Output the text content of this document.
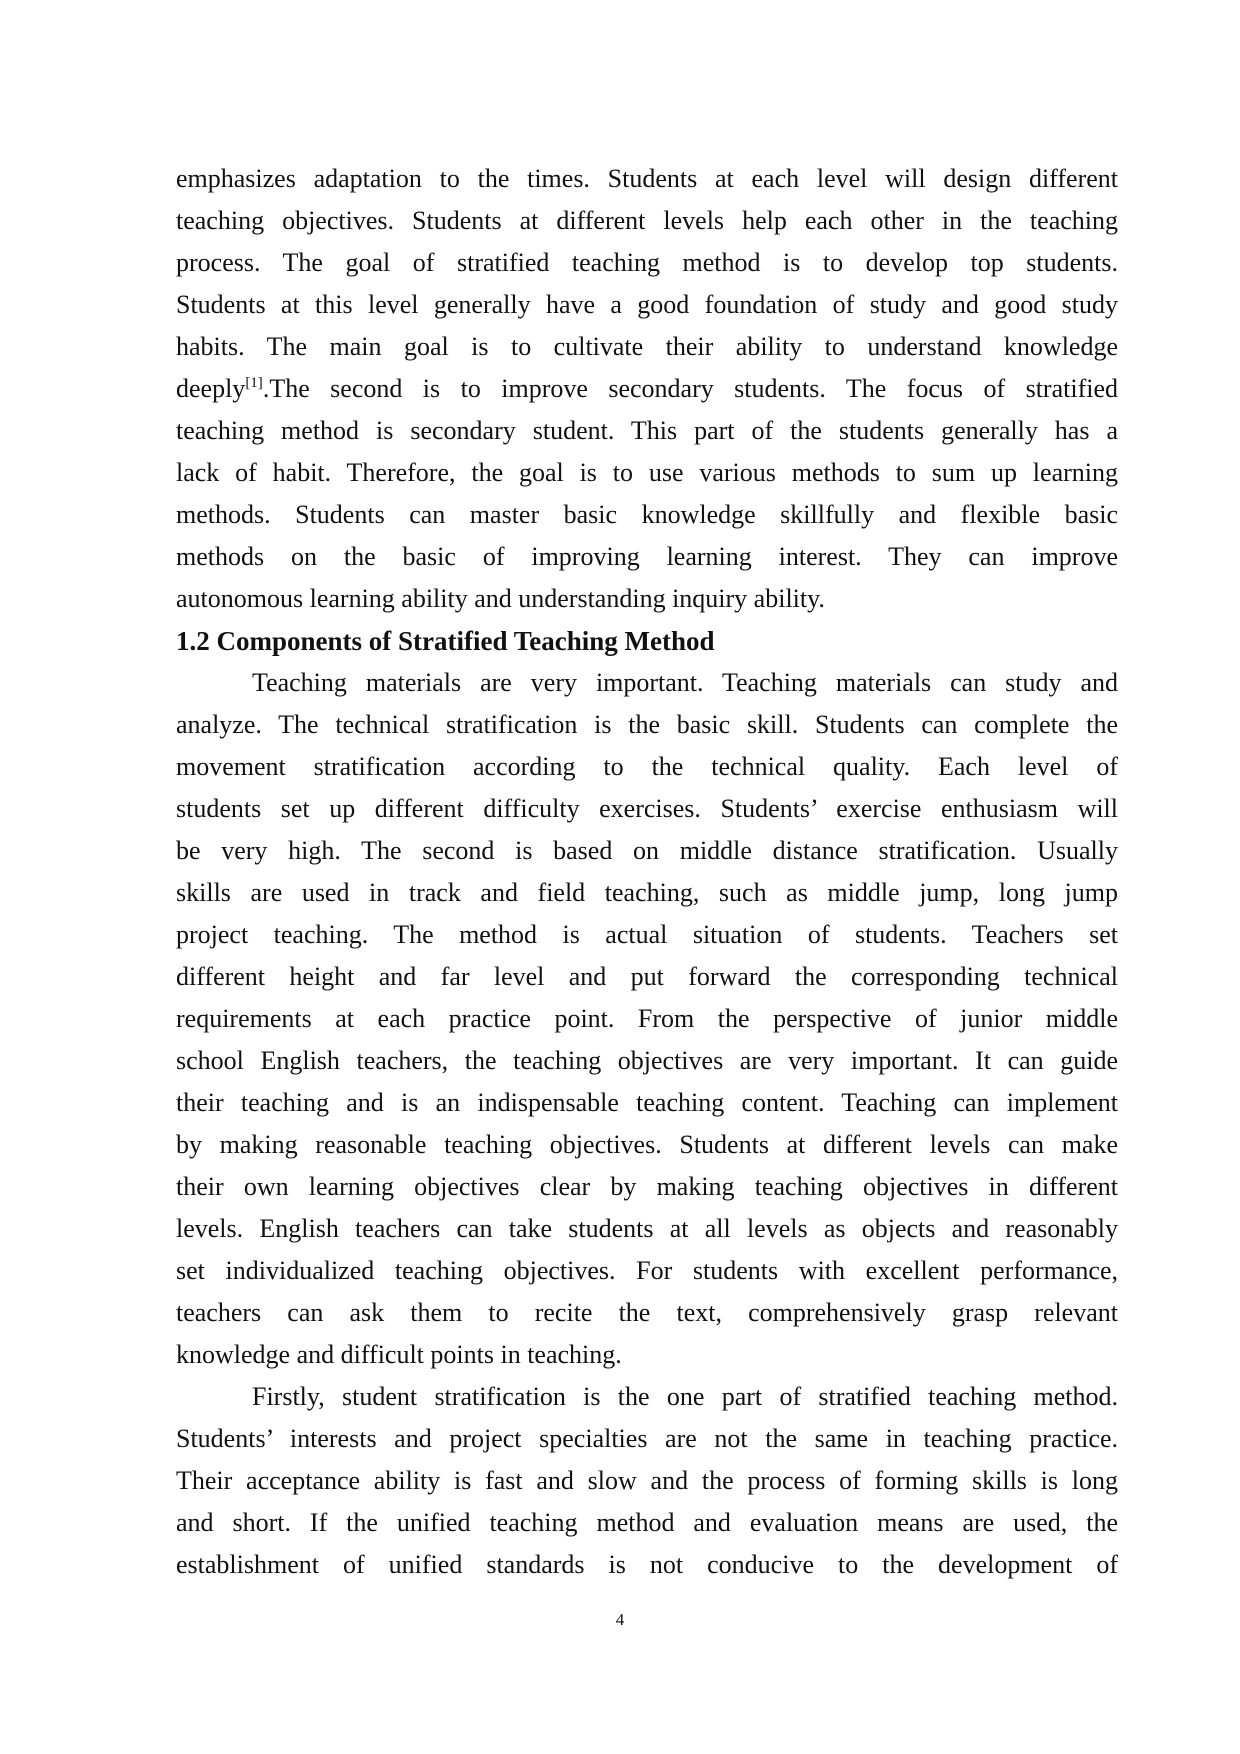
emphasizes adaptation to the times. Students at each level will design different
teaching objectives. Students at different levels help each other in the teaching
process. The goal of stratified teaching method is to develop top students.
Students at this level generally have a good foundation of study and good study
habits. The main goal is to cultivate their ability to understand knowledge
deeply[1].The second is to improve secondary students. The focus of stratified
teaching method is secondary student. This part of the students generally has a
lack of habit. Therefore, the goal is to use various methods to sum up learning
methods. Students can master basic knowledge skillfully and flexible basic
methods on the basic of improving learning interest. They can improve
autonomous learning ability and understanding inquiry ability.
1.2 Components of Stratified Teaching Method
Teaching materials are very important. Teaching materials can study and
analyze. The technical stratification is the basic skill. Students can complete the
movement stratification according to the technical quality. Each level of
students set up different difficulty exercises. Students’ exercise enthusiasm will
be very high. The second is based on middle distance stratification. Usually
skills are used in track and field teaching, such as middle jump, long jump
project teaching. The method is actual situation of students. Teachers set
different height and far level and put forward the corresponding technical
requirements at each practice point. From the perspective of junior middle
school English teachers, the teaching objectives are very important. It can guide
their teaching and is an indispensable teaching content. Teaching can implement
by making reasonable teaching objectives. Students at different levels can make
their own learning objectives clear by making teaching objectives in different
levels. English teachers can take students at all levels as objects and reasonably
set individualized teaching objectives. For students with excellent performance,
teachers can ask them to recite the text, comprehensively grasp relevant
knowledge and difficult points in teaching.
Firstly, student stratification is the one part of stratified teaching method.
Students’ interests and project specialties are not the same in teaching practice.
Their acceptance ability is fast and slow and the process of forming skills is long
and short. If the unified teaching method and evaluation means are used, the
establishment of unified standards is not conducive to the development of
4
